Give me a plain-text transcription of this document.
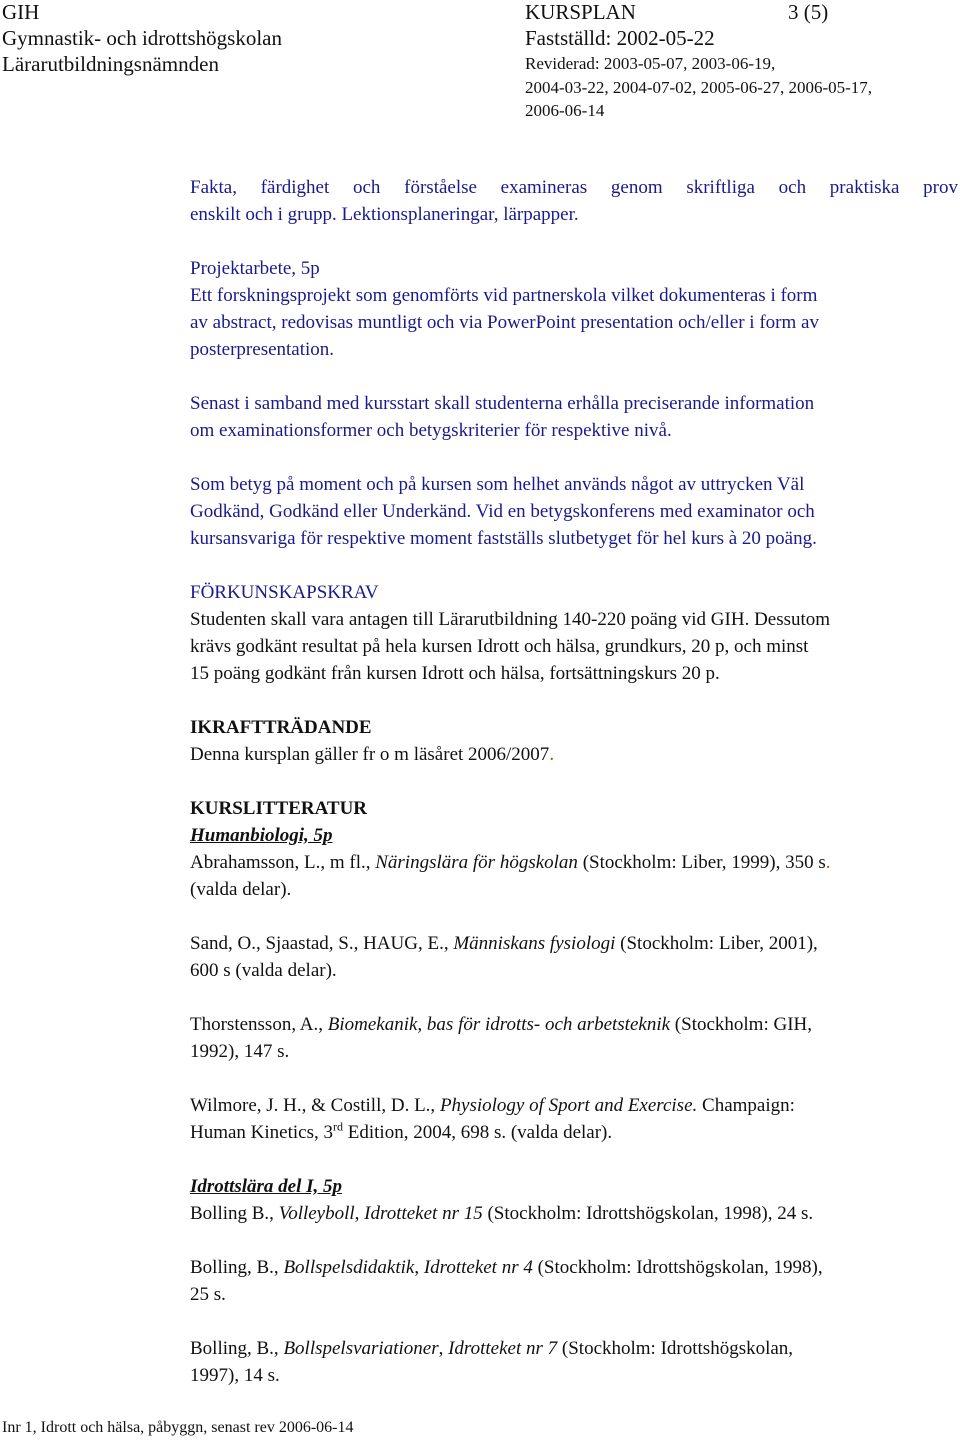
GIH
Gymnastik- och idrottshögskolan
Lärarutbildningsnämnden
KURSPLAN	3 (5)
Fastställd: 2002-05-22
Reviderad: 2003-05-07, 2003-06-19,
2004-03-22, 2004-07-02, 2005-06-27, 2006-05-17,
2006-06-14
Fakta, färdighet och förståelse examineras genom skriftliga och praktiska prov
enskilt och i grupp. Lektionsplaneringar, lärpapper.
Projektarbete, 5p
Ett forskningsprojekt som genomförts vid partnerskola vilket dokumenteras i form
av abstract, redovisas muntligt och via PowerPoint presentation och/eller i form av
posterpresentation.
Senast i samband med kursstart skall studenterna erhålla preciserande information
om examinationsformer och betygskriterier för respektive nivå.
Som betyg på moment och på kursen som helhet används något av uttrycken Väl
Godkänd, Godkänd eller Underkänd. Vid en betygskonferens med examinator och
kursansvariga för respektive moment fastställs slutbetyget för hel kurs à 20 poäng.
FÖRKUNSKAPSKRAV
Studenten skall vara antagen till Lärarutbildning 140-220 poäng vid GIH. Dessutom
krävs godkänt resultat på hela kursen Idrott och hälsa, grundkurs, 20 p, och minst
15 poäng godkänt från kursen Idrott och hälsa, fortsättningskurs 20 p.
IKRAFTTRÄDANDE
Denna kursplan gäller fr o m läsåret 2006/2007.
KURSLITTERATUR
Humanbiologi, 5p
Abrahamsson, L., m fl., Näringslära för högskolan (Stockholm: Liber, 1999), 350 s.
(valda delar).
Sand, O., Sjaastad, S., HAUG, E., Människans fysiologi (Stockholm: Liber, 2001),
600 s (valda delar).
Thorstensson, A., Biomekanik, bas för idrotts- och arbetsteknik (Stockholm: GIH,
1992), 147 s.
Wilmore, J. H., & Costill, D. L., Physiology of Sport and Exercise. Champaign:
Human Kinetics, 3rd Edition, 2004, 698 s. (valda delar).
Idrottslära del I, 5p
Bolling B., Volleyboll, Idrotteket nr 15 (Stockholm: Idrottshögskolan, 1998), 24 s.
Bolling, B., Bollspelsdidaktik, Idrotteket nr 4 (Stockholm: Idrottshögskolan, 1998),
25 s.
Bolling, B., Bollspelsvariationer, Idrotteket nr 7 (Stockholm: Idrottshögskolan,
1997), 14 s.
Inr 1, Idrott och hälsa, påbyggn, senast rev 2006-06-14
